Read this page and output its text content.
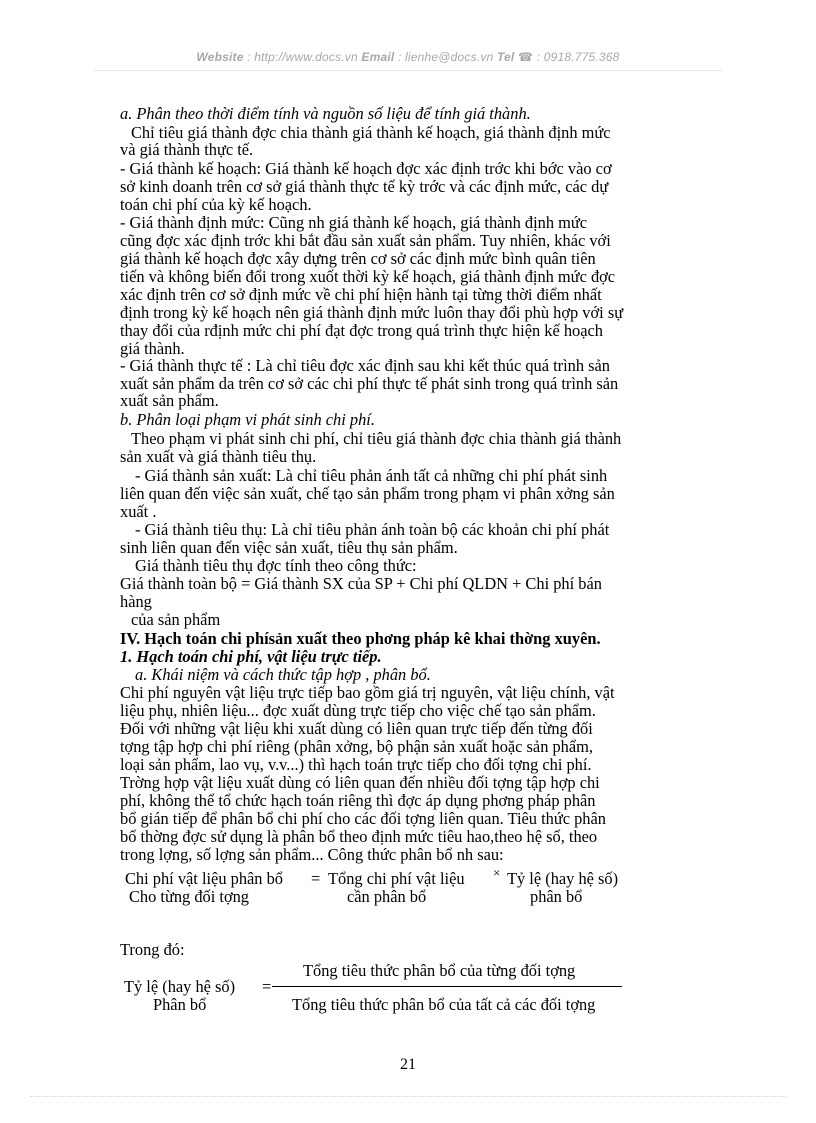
Website : http://www.docs.vn Email : lienhe@docs.vn Tel ☎ : 0918.775.368
a. Phân theo thời điểm tính và nguồn số liệu để tính giá thành.
Chỉ tiêu giá thành đợc chia thành giá thành kế hoạch, giá thành định mức
và giá thành thực tế.
- Giá thành kế hoạch: Giá thành kế hoạch đợc xác định trớc khi bớc vào cơ
sở kinh doanh trên cơ sở giá thành thực tế kỳ trớc và các định mức, các dự
toán chi phí của kỳ kế hoạch.
- Giá thành định mức: Cũng nh giá thành kế hoạch, giá thành định mức
cũng đợc xác định trớc khi bắt đầu sản xuất sản phẩm. Tuy nhiên, khác với
giá thành kế hoạch đợc xây dựng trên cơ sở các định mức bình quân tiên
tiến và không biến đổi trong xuốt thời kỳ kế hoạch, giá thành định mức đợc
xác định trên cơ sở định mức về chi phí hiện hành tại từng thời điểm nhất
định trong kỳ kế hoạch nên giá thành định mức luôn thay đổi phù hợp với sự
thay đổi của rđịnh mức chi phí đạt đợc trong quá trình thực hiện kế hoạch
giá thành.
- Giá thành thực tế : Là chỉ tiêu đợc xác định sau khi kết thúc quá trình sản
xuất sản phẩm da trên cơ sở các chi phí thực tế phát sinh trong quá trình sản
xuất sản phẩm.
b. Phân loại phạm vi phát sinh chi phí.
Theo phạm vi phát sinh chi phí, chỉ tiêu giá thành đợc chia thành giá thành
sản xuất và giá thành tiêu thụ.
- Giá thành sản xuất: Là chỉ tiêu phản ánh tất cả những chi phí phát sinh
liên quan đến việc sản xuất, chế tạo sản phẩm trong phạm vi phân xởng sản
xuất .
- Giá thành tiêu thụ: Là chỉ tiêu phản ánh toàn bộ các khoản chi phí phát
sinh liên quan đến việc sản xuất, tiêu thụ sản phẩm.
Giá thành tiêu thụ đợc tính theo công thức:
Giá thành toàn bộ = Giá thành SX của SP + Chi phí QLDN + Chi phí bán
hàng
của sản phẩm
IV. Hạch toán chi phísản xuất theo phơng pháp kê khai thờng xuyên.
1. Hạch toán chi phí, vật liệu trực tiếp.
a. Khái niệm và cách thức tập hợp , phân bổ.
Chi phí nguyên vật liệu trực tiếp bao gồm giá trị nguyên, vật liệu chính, vật
liệu phụ, nhiên liệu... đợc xuất dùng trực tiếp cho việc chế tạo sản phẩm.
Đối với những vật liệu khi xuất dùng có liên quan trực tiếp đến từng đối
tợng tập hợp chi phí riêng (phân xởng, bộ phận sản xuất hoặc sản phẩm,
loại sản phẩm, lao vụ, v.v...) thì hạch toán trực tiếp cho đối tợng chi phí.
Trờng hợp vật liệu xuất dùng có liên quan đến nhiều đối tợng tập hợp chi
phí, không thể tổ chức hạch toán riêng thì đợc áp dụng phơng pháp phân
bổ gián tiếp để phân bổ chi phí cho các đối tợng liên quan. Tiêu thức phân
bổ thờng đợc sử dụng là phân bổ theo định mức tiêu hao,theo hệ số, theo
trong lợng, số lợng sản phẩm... Công thức phân bổ nh sau:
Chi phí vật liệu phân bổ = Tổng chi phí vật liệu × Tỷ lệ (hay hệ số)
Cho từng đối tợng	cần phân bổ	phân bổ
Trong đó:
Tổng tiêu thức phân bổ của từng đối tợng
Tỷ lệ (hay hệ số) =
Phân bổ	Tổng tiêu thức phân bổ của tất cả các đối tợng
21
